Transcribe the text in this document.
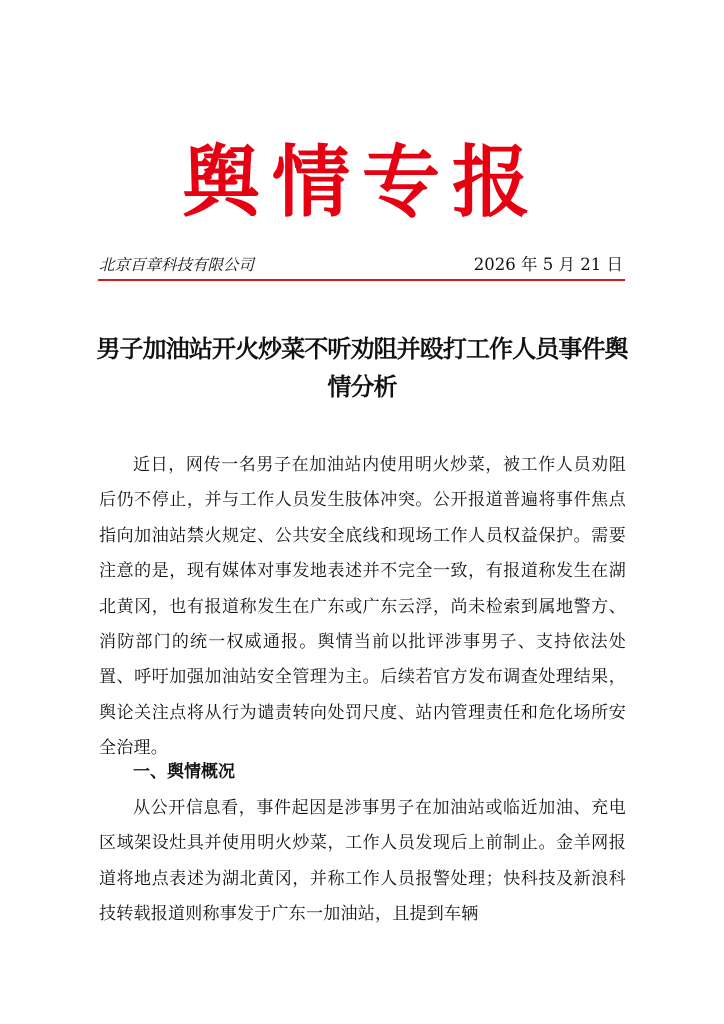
舆情专报
北京百章科技有限公司	2026 年 5 月 21 日
男子加油站开火炒菜不听劝阻并殴打工作人员事件舆情分析

近日，网传一名男子在加油站内使用明火炒菜，被工作人员劝阻后仍不停止，并与工作人员发生肢体冲突。公开报道普遍将事件焦点指向加油站禁火规定、公共安全底线和现场工作人员权益保护。需要注意的是，现有媒体对事发地表述并不完全一致，有报道称发生在湖北黄冈，也有报道称发生在广东或广东云浮，尚未检索到属地警方、消防部门的统一权威通报。舆情当前以批评涉事男子、支持依法处置、呼吁加强加油站安全管理为主。后续若官方发布调查处理结果，舆论关注点将从行为谴责转向处罚尺度、站内管理责任和危化场所安全治理。

一、舆情概况

从公开信息看，事件起因是涉事男子在加油站或临近加油、充电区域架设灶具并使用明火炒菜，工作人员发现后上前制止。金羊网报道将地点表述为湖北黄冈，并称工作人员报警处理；快科技及新浪科技转载报道则称事发于广东一加油站，且提到车辆
